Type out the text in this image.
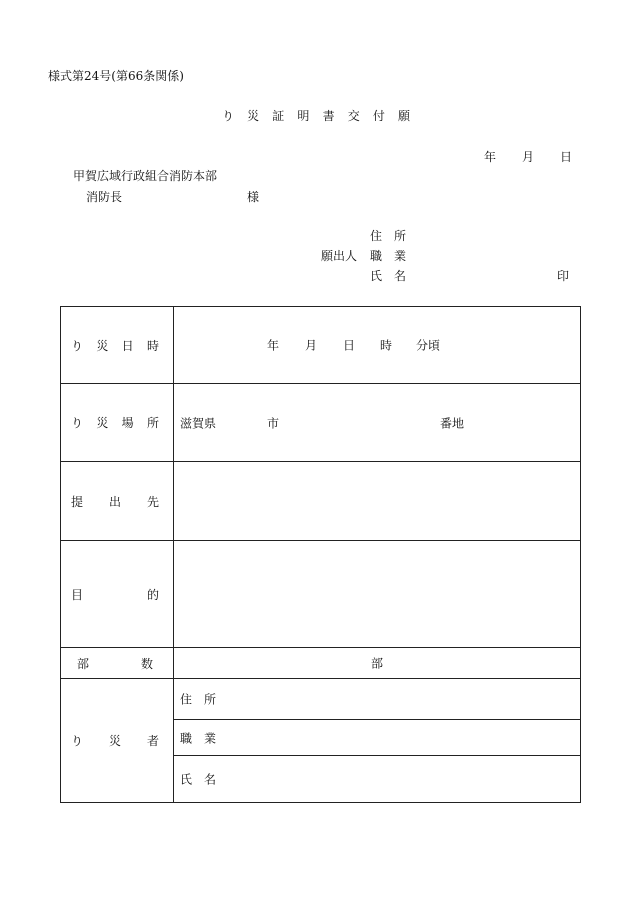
様式第24号(第66条関係)
り 災 証 明 書 交 付 願
年 月 日
甲賀広域行政組合消防本部
消防長	様
住　所
願出人 職　業
氏　名	印
り 災 日 時	年 月 日 時 分頃

り 災 場 所	滋賀県 市 番地

提 出 先	

目 的	

部 数	部

り 災 者	住 所

	職 業

	氏 名
